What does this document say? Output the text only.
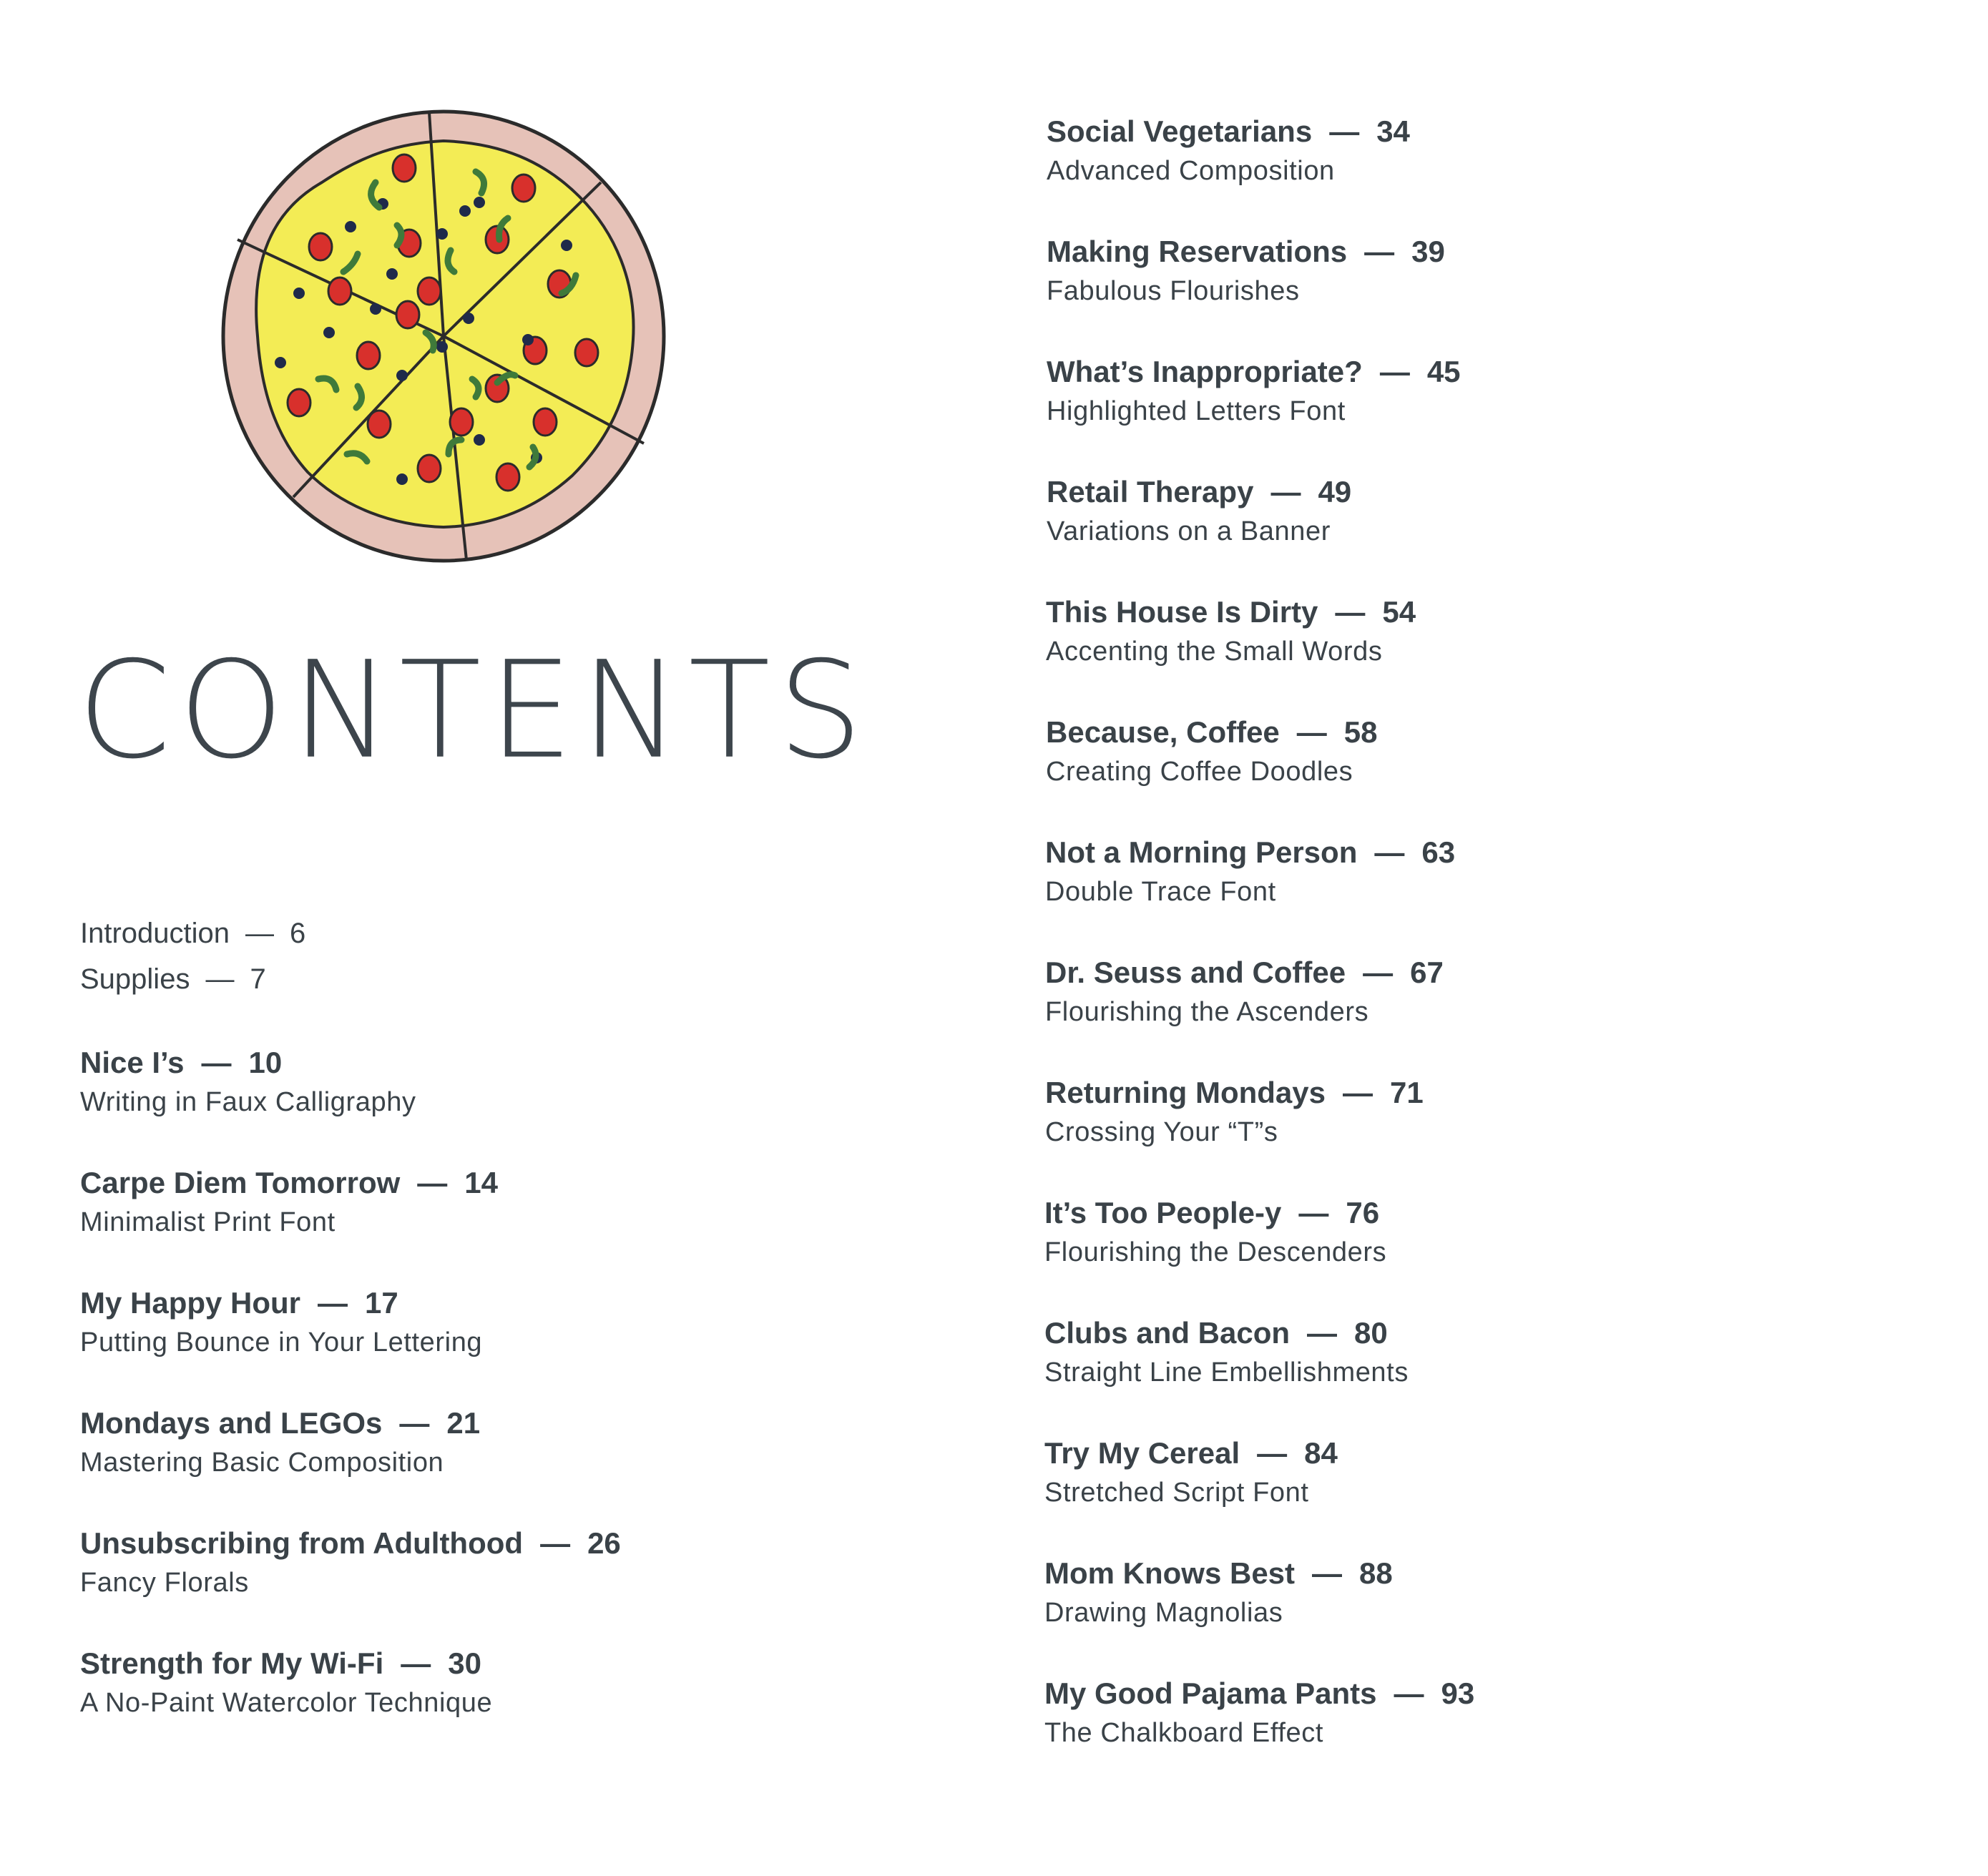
CONTENTS
Introduction — 6
Supplies — 7
Nice I’s — 10
Writing in Faux Calligraphy
Carpe Diem Tomorrow — 14
Minimalist Print Font
My Happy Hour — 17
Putting Bounce in Your Lettering
Mondays and LEGOs — 21
Mastering Basic Composition
Unsubscribing from Adulthood — 26
Fancy Florals
Strength for My Wi-Fi — 30
A No-Paint Watercolor Technique
Social Vegetarians — 34
Advanced Composition
Making Reservations — 39
Fabulous Flourishes
What’s Inappropriate? — 45
Highlighted Letters Font
Retail Therapy — 49
Variations on a Banner
This House Is Dirty — 54
Accenting the Small Words
Because, Coffee — 58
Creating Coffee Doodles
Not a Morning Person — 63
Double Trace Font
Dr. Seuss and Coffee — 67
Flourishing the Ascenders
Returning Mondays — 71
Crossing Your “T”s
It’s Too People-y — 76
Flourishing the Descenders
Clubs and Bacon — 80
Straight Line Embellishments
Try My Cereal — 84
Stretched Script Font
Mom Knows Best — 88
Drawing Magnolias
My Good Pajama Pants — 93
The Chalkboard Effect
